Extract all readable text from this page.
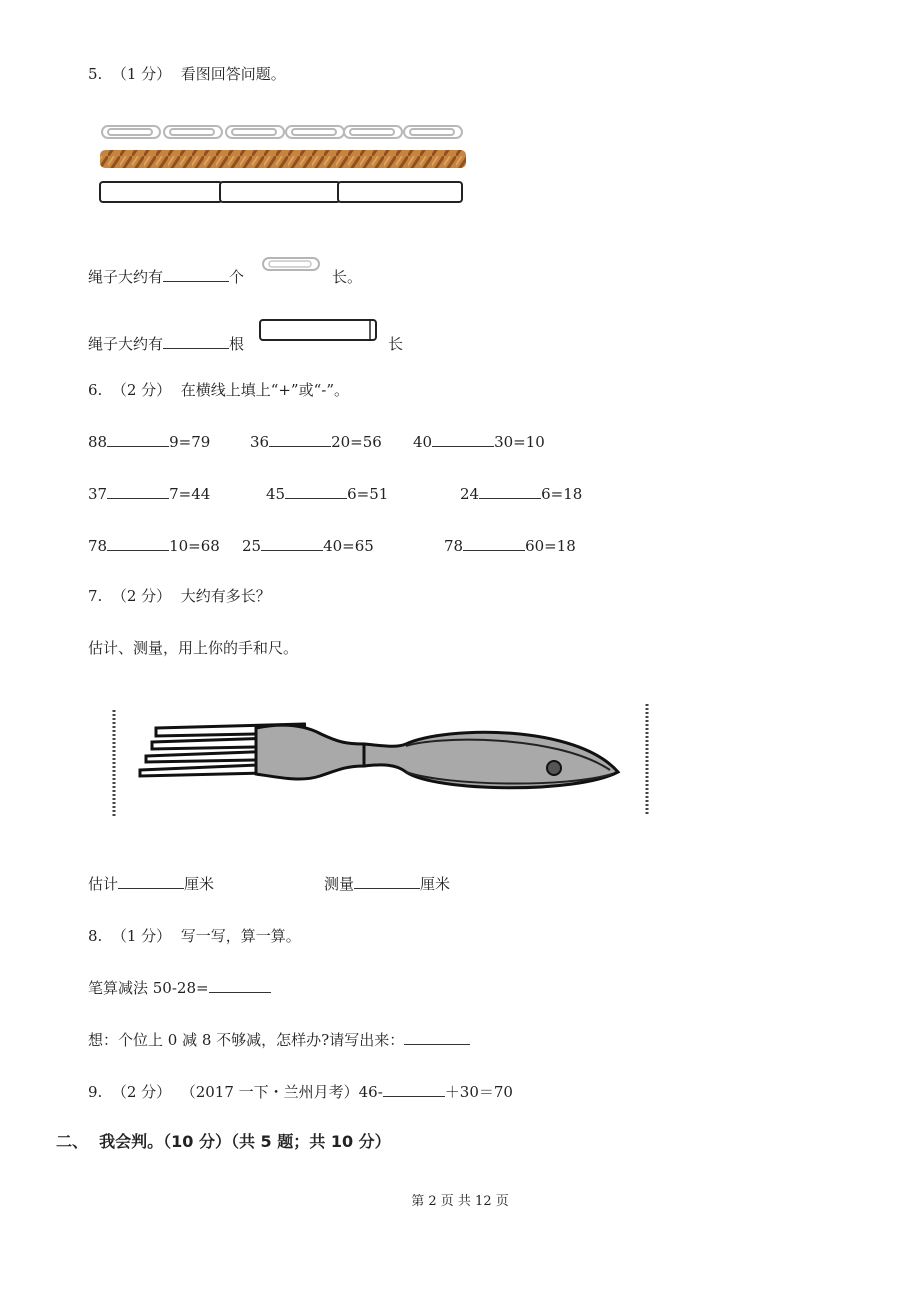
5.  （1 分）  看图回答问题。
绳子大约有	个	长。
绳子大约有	根	长
6.  （2 分）  在横线上填上“+”或“-”。
88	9=79	36	20=56 40	30=10
37	7=44	45	6=51	24	6=18
78	10=68 25	40=65	78	60=18
7.  （2 分）  大约有多长？
估计、测量，用上你的手和尺。
估计	厘米	测量	厘米
8.  （1 分）  写一写，算一算。
笔算减法 50-28=
想：个位上 0 减 8 不够减，怎样办?请写出来：
9.  （2 分）  （2017 一下・兰州月考）46-	＋30＝70
二、  我会判。（10 分）（共 5 题；共 10 分）
第 2 页 共 12 页
